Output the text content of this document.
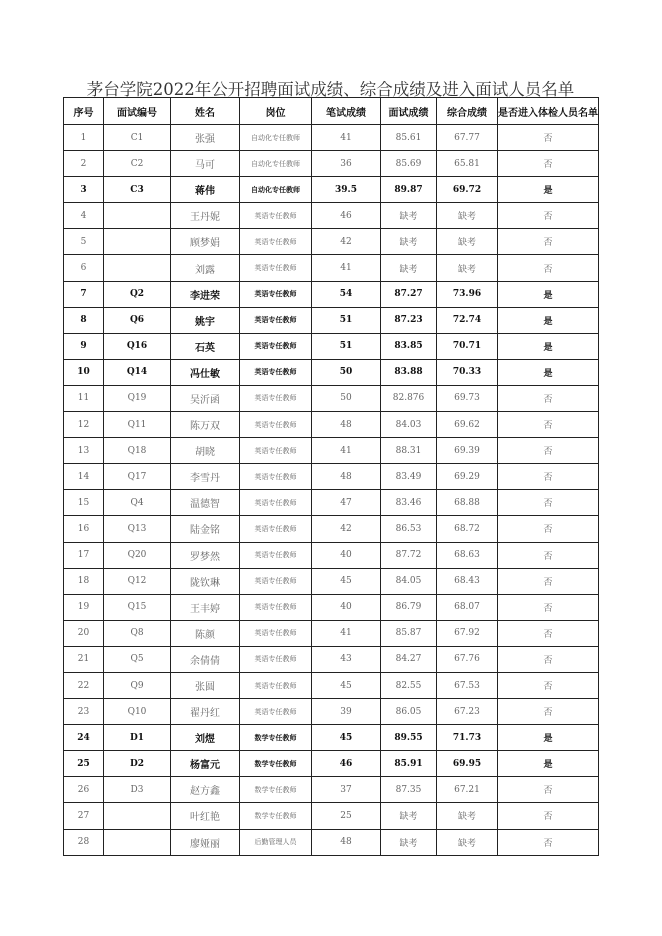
茅台学院2022年公开招聘面试成绩、综合成绩及进入面试人员名单
序号	面试编号	姓名	岗位	笔试成绩	面试成绩	综合成绩	是否进入体检人员名单
1	C1	张强	自动化专任教师	41	85.61	67.77	否
2	C2	马可	自动化专任教师	36	85.69	65.81	否
3	C3	蒋伟	自动化专任教师	39.5	89.87	69.72	是
4		王丹妮	英语专任教师	46	缺考	缺考	否
5		顾梦娟	英语专任教师	42	缺考	缺考	否
6		刘露	英语专任教师	41	缺考	缺考	否
7	Q2	李进荣	英语专任教师	54	87.27	73.96	是
8	Q6	姚宇	英语专任教师	51	87.23	72.74	是
9	Q16	石英	英语专任教师	51	83.85	70.71	是
10	Q14	冯仕敏	英语专任教师	50	83.88	70.33	是
11	Q19	吴沂函	英语专任教师	50	82.876	69.73	否
12	Q11	陈万双	英语专任教师	48	84.03	69.62	否
13	Q18	胡晓	英语专任教师	41	88.31	69.39	否
14	Q17	李雪丹	英语专任教师	48	83.49	69.29	否
15	Q4	温德智	英语专任教师	47	83.46	68.88	否
16	Q13	陆金铭	英语专任教师	42	86.53	68.72	否
17	Q20	罗梦然	英语专任教师	40	87.72	68.63	否
18	Q12	陇钦琳	英语专任教师	45	84.05	68.43	否
19	Q15	王丰婷	英语专任教师	40	86.79	68.07	否
20	Q8	陈颜	英语专任教师	41	85.87	67.92	否
21	Q5	余倩倩	英语专任教师	43	84.27	67.76	否
22	Q9	张圆	英语专任教师	45	82.55	67.53	否
23	Q10	翟丹红	英语专任教师	39	86.05	67.23	否
24	D1	刘煜	数学专任教师	45	89.55	71.73	是
25	D2	杨富元	数学专任教师	46	85.91	69.95	是
26	D3	赵方鑫	数学专任教师	37	87.35	67.21	否
27		叶红艳	数学专任教师	25	缺考	缺考	否
28		廖娅丽	后勤管理人员	48	缺考	缺考	否
